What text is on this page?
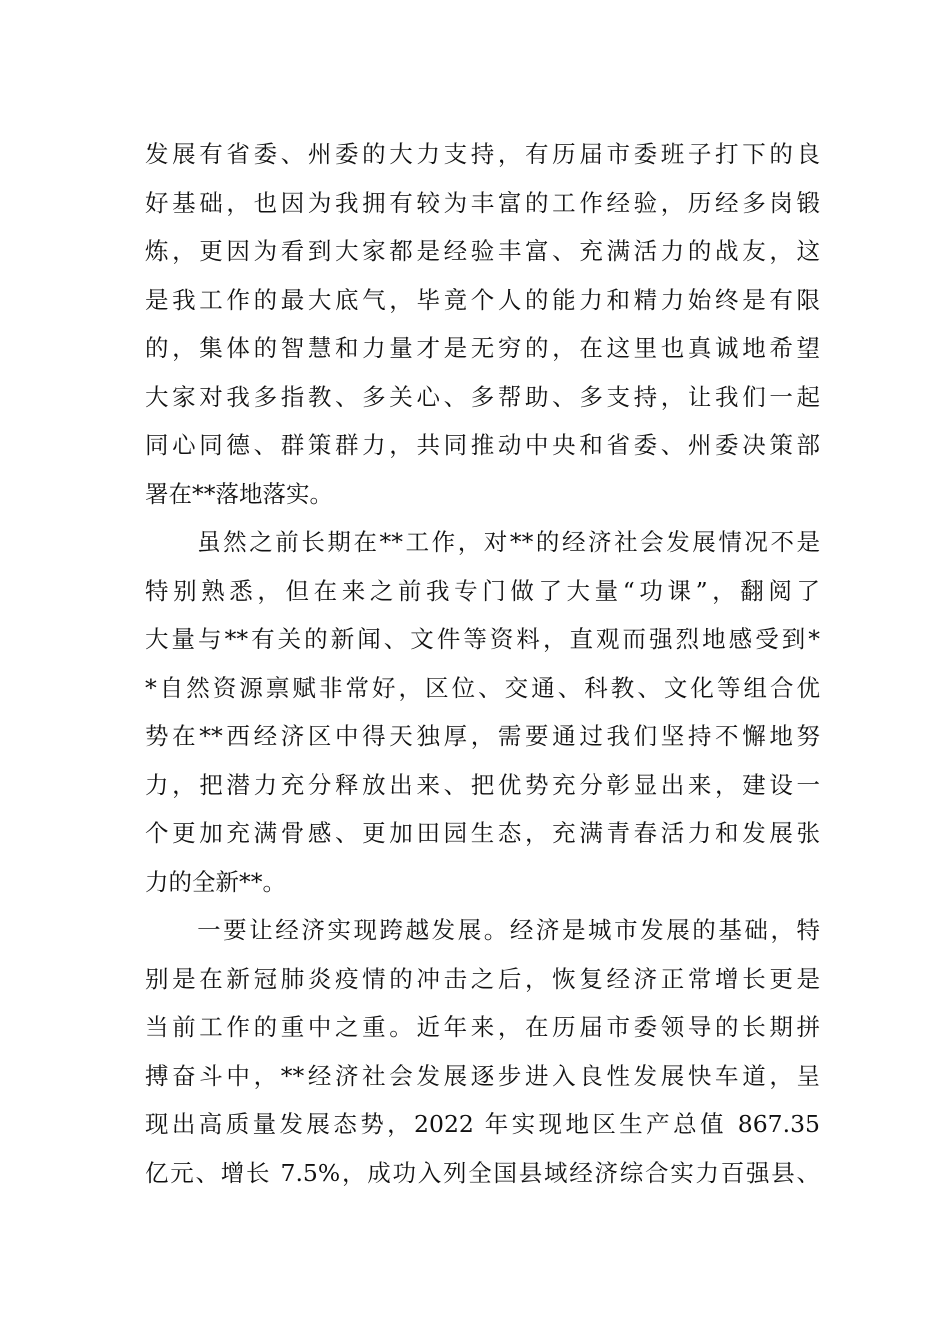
发展有省委、州委的大力支持，有历届市委班子打下的良
好基础，也因为我拥有较为丰富的工作经验，历经多岗锻
炼，更因为看到大家都是经验丰富、充满活力的战友，这
是我工作的最大底气，毕竟个人的能力和精力始终是有限
的，集体的智慧和力量才是无穷的，在这里也真诚地希望
大家对我多指教、多关心、多帮助、多支持，让我们一起
同心同德、群策群力，共同推动中央和省委、州委决策部
署在**落地落实。
　　虽然之前长期在**工作，对**的经济社会发展情况不是
特别熟悉，但在来之前我专门做了大量“功课”，翻阅了
大量与**有关的新闻、文件等资料，直观而强烈地感受到*
*自然资源禀赋非常好，区位、交通、科教、文化等组合优
势在**西经济区中得天独厚，需要通过我们坚持不懈地努
力，把潜力充分释放出来、把优势充分彰显出来，建设一
个更加充满骨感、更加田园生态，充满青春活力和发展张
力的全新**。
　　一要让经济实现跨越发展。经济是城市发展的基础，特
别是在新冠肺炎疫情的冲击之后，恢复经济正常增长更是
当前工作的重中之重。近年来，在历届市委领导的长期拼
搏奋斗中，**经济社会发展逐步进入良性发展快车道，呈
现出高质量发展态势，2022 年实现地区生产总值 867.35
亿元、增长 7.5%，成功入列全国县域经济综合实力百强县、
